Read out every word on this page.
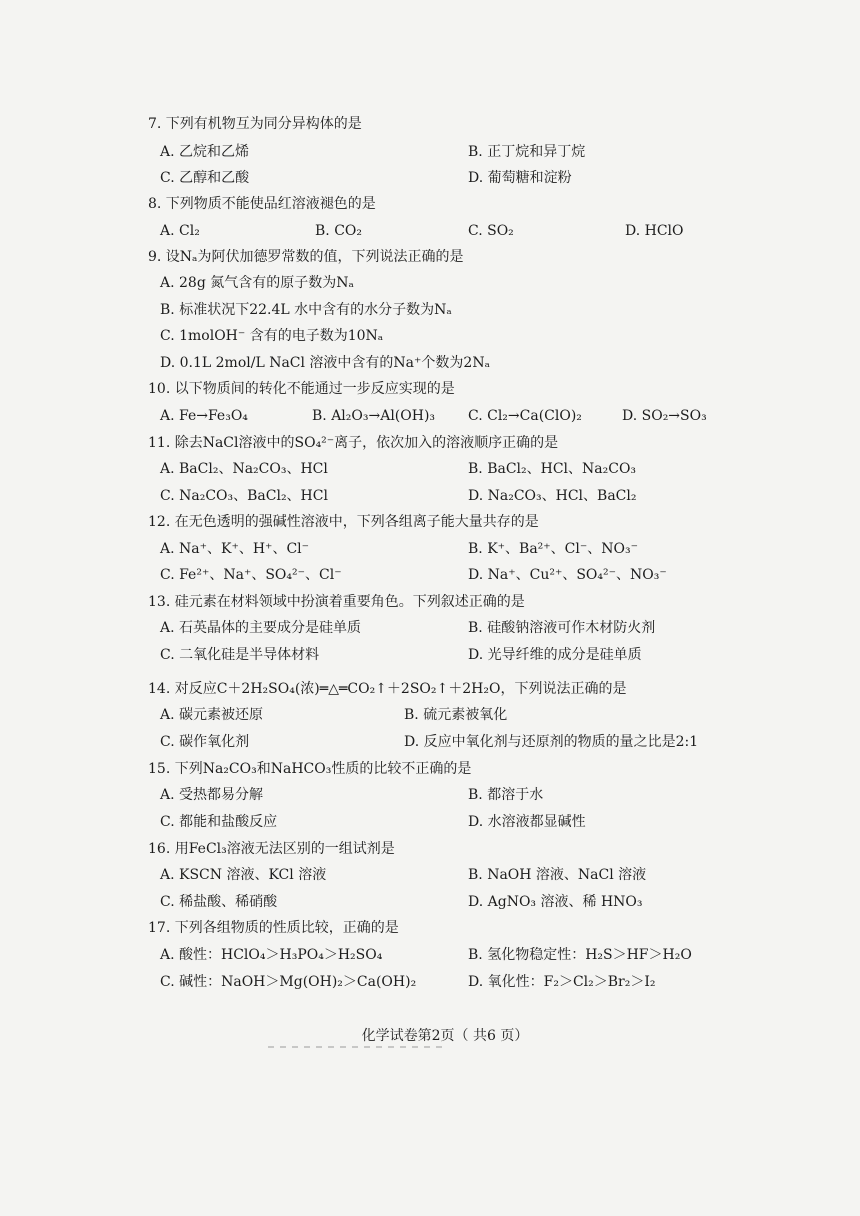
7. 下列有机物互为同分异构体的是
A. 乙烷和乙烯	B. 正丁烷和异丁烷
C. 乙醇和乙酸	D. 葡萄糖和淀粉
8. 下列物质不能使品红溶液褪色的是
A. Cl₂	B. CO₂	C. SO₂	D. HClO
9. 设Nₐ为阿伏加德罗常数的值，下列说法正确的是
A. 28g 氮气含有的原子数为Nₐ
B. 标准状况下22.4L 水中含有的水分子数为Nₐ
C. 1molOH⁻ 含有的电子数为10Nₐ
D. 0.1L 2mol/L NaCl 溶液中含有的Na⁺个数为2Nₐ
10. 以下物质间的转化不能通过一步反应实现的是
A. Fe→Fe₃O₄	B. Al₂O₃→Al(OH)₃ C. Cl₂→Ca(ClO)₂	D. SO₂→SO₃
11. 除去NaCl溶液中的SO₄²⁻离子，依次加入的溶液顺序正确的是
A. BaCl₂、Na₂CO₃、HCl	B. BaCl₂、HCl、Na₂CO₃
C. Na₂CO₃、BaCl₂、HCl	D. Na₂CO₃、HCl、BaCl₂
12. 在无色透明的强碱性溶液中，下列各组离子能大量共存的是
A. Na⁺、K⁺、H⁺、Cl⁻	B. K⁺、Ba²⁺、Cl⁻、NO₃⁻
C. Fe²⁺、Na⁺、SO₄²⁻、Cl⁻	D. Na⁺、Cu²⁺、SO₄²⁻、NO₃⁻
13. 硅元素在材料领域中扮演着重要角色。下列叙述正确的是
A. 石英晶体的主要成分是硅单质	B. 硅酸钠溶液可作木材防火剂
C. 二氧化硅是半导体材料	D. 光导纤维的成分是硅单质
14. 对反应C＋2H₂SO₄(浓)═△═CO₂↑＋2SO₂↑＋2H₂O，下列说法正确的是
A. 碳元素被还原	B. 硫元素被氧化
C. 碳作氧化剂	D. 反应中氧化剂与还原剂的物质的量之比是2:1
15. 下列Na₂CO₃和NaHCO₃性质的比较不正确的是
A. 受热都易分解	B. 都溶于水
C. 都能和盐酸反应	D. 水溶液都显碱性
16. 用FeCl₃溶液无法区别的一组试剂是
A. KSCN 溶液、KCl 溶液	B. NaOH 溶液、NaCl 溶液
C. 稀盐酸、稀硝酸	D. AgNO₃ 溶液、稀 HNO₃
17. 下列各组物质的性质比较，正确的是
A. 酸性：HClO₄＞H₃PO₄＞H₂SO₄	B. 氢化物稳定性：H₂S＞HF＞H₂O
C. 碱性：NaOH＞Mg(OH)₂＞Ca(OH)₂	D. 氧化性：F₂＞Cl₂＞Br₂＞I₂
化学试卷第2页（ 共6 页）
